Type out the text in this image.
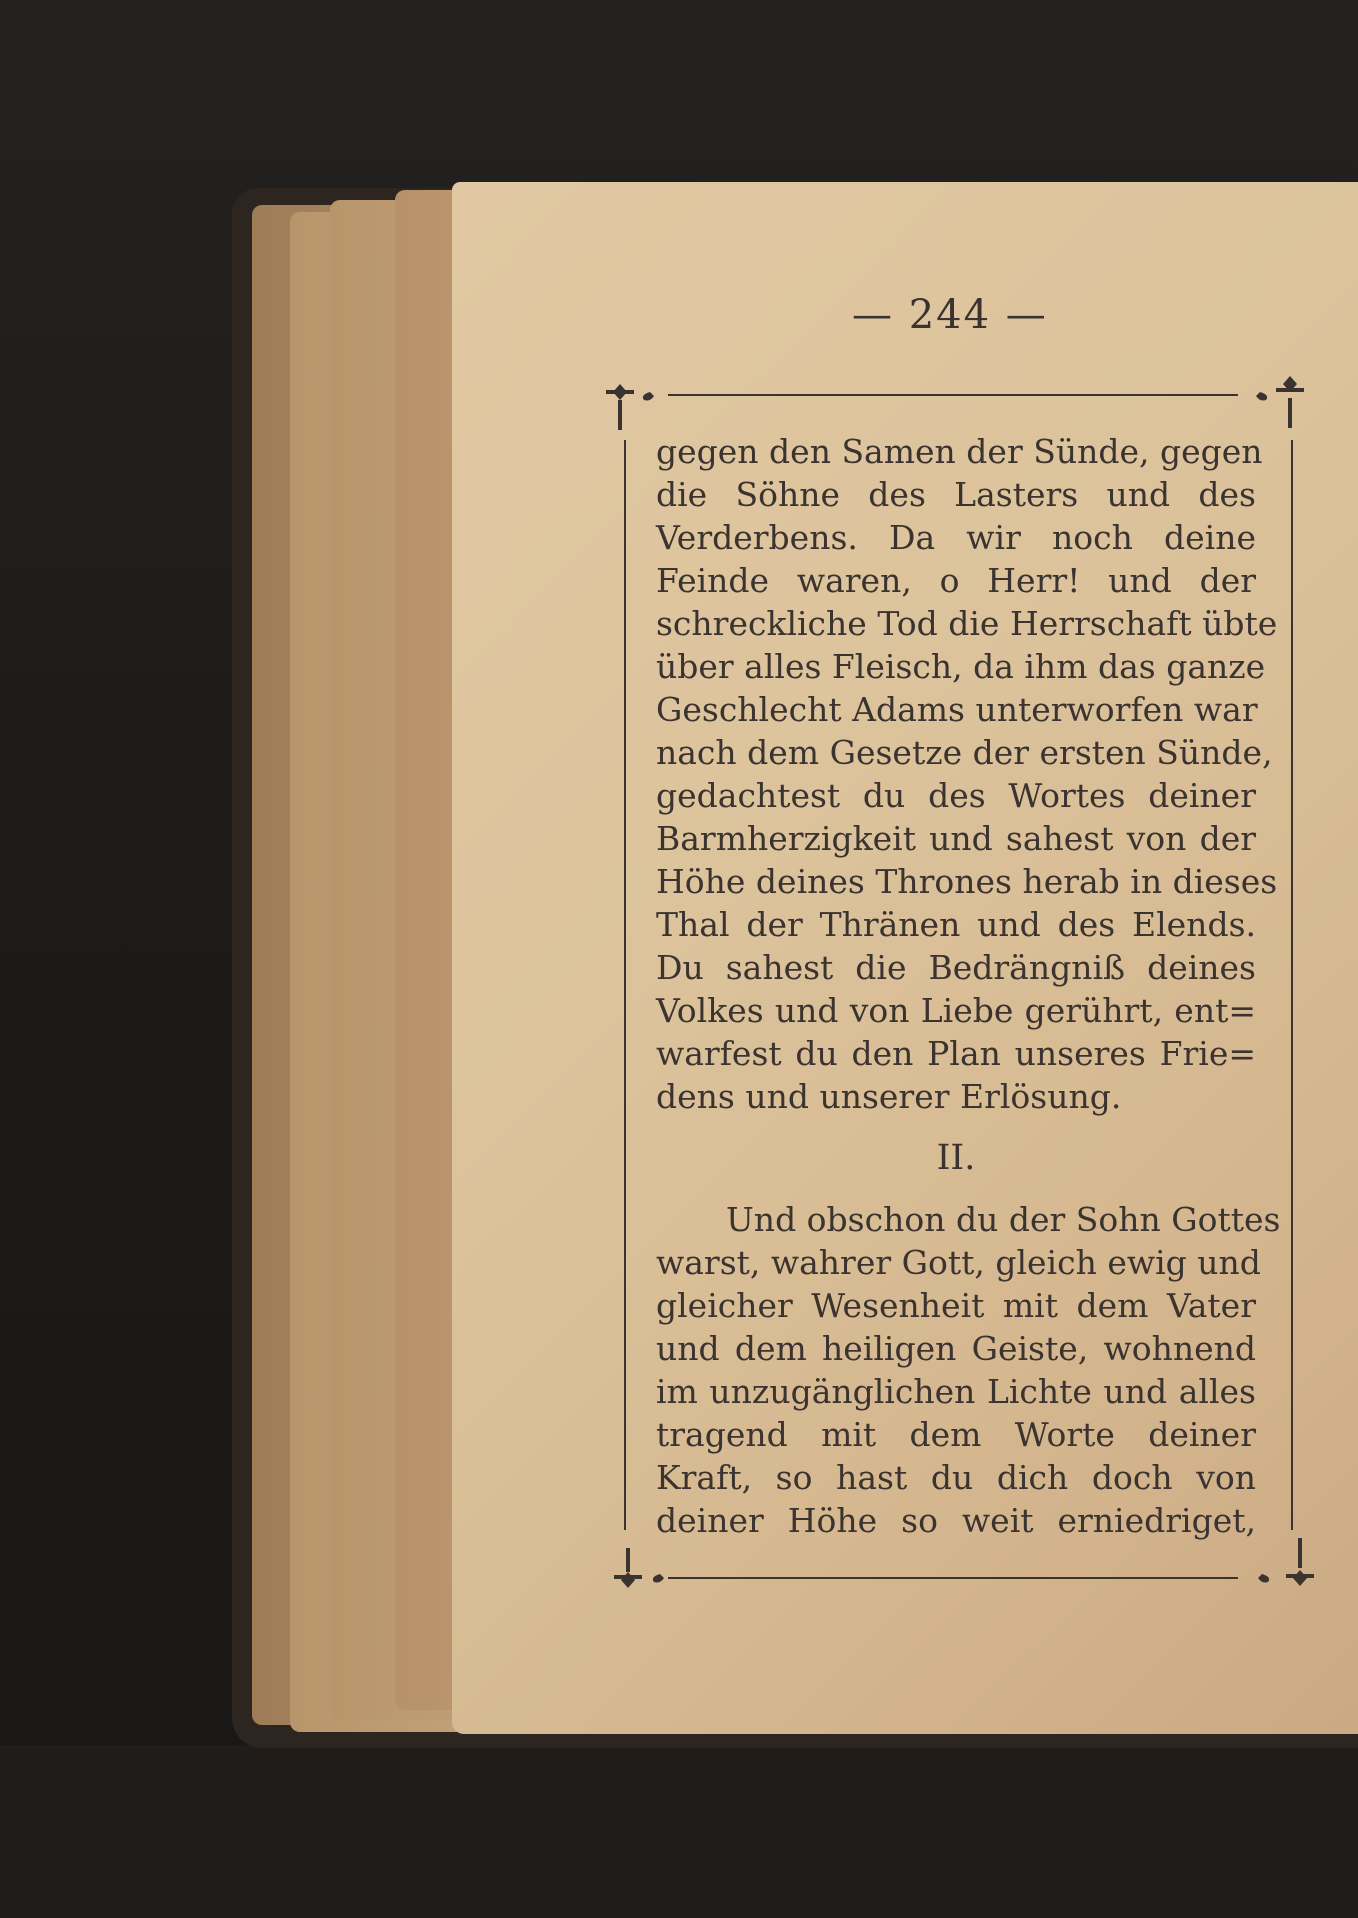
— 244 —
gegen den Samen der Sünde, gegen
die Söhne des Lasters und des
Verderbens. Da wir noch deine
Feinde waren, o Herr! und der
schreckliche Tod die Herrschaft übte
über alles Fleisch, da ihm das ganze
Geschlecht Adams unterworfen war
nach dem Gesetze der ersten Sünde,
gedachtest du des Wortes deiner
Barmherzigkeit und sahest von der
Höhe deines Thrones herab in dieses
Thal der Thränen und des Elends.
Du sahest die Bedrängniß deines
Volkes und von Liebe gerührt, ent=
warfest du den Plan unseres Frie=
dens und unserer Erlösung.
II.
Und obschon du der Sohn Gottes
warst, wahrer Gott, gleich ewig und
gleicher Wesenheit mit dem Vater
und dem heiligen Geiste, wohnend
im unzugänglichen Lichte und alles
tragend mit dem Worte deiner
Kraft, so hast du dich doch von
deiner Höhe so weit erniedriget,
